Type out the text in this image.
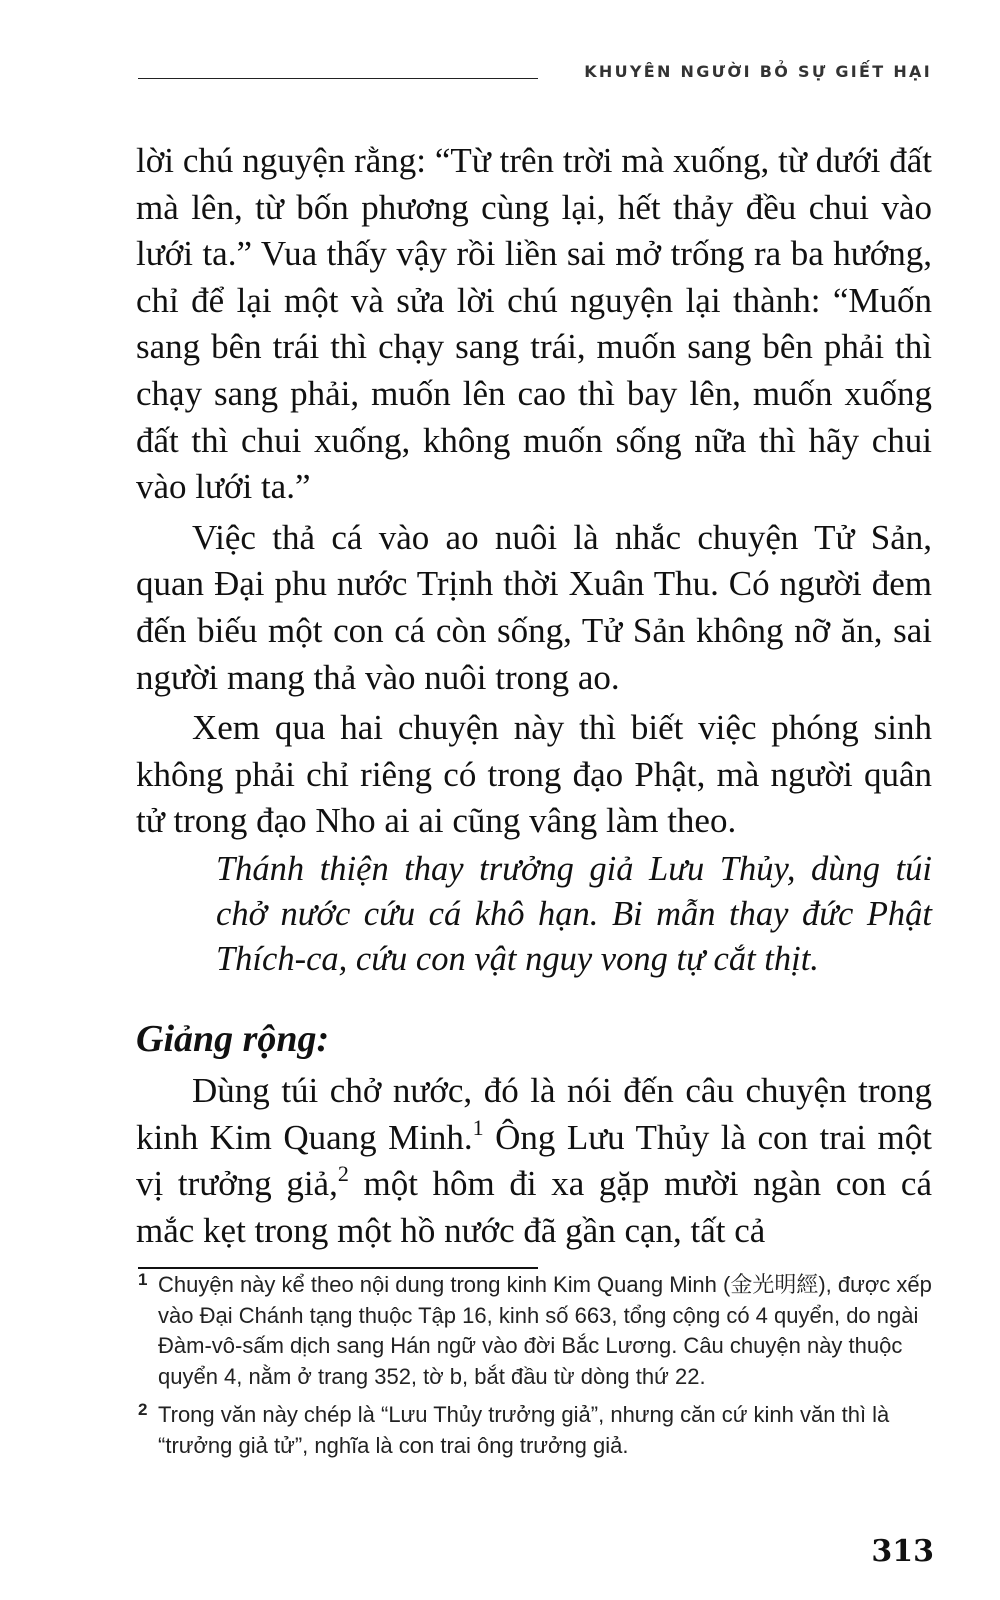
KHUYÊN NGƯỜI BỎ SỰ GIẾT HẠI

lời chú nguyện rằng: “Từ trên trời mà xuống, từ dưới đất mà lên, từ bốn phương cùng lại, hết thảy đều chui vào lưới ta.” Vua thấy vậy rồi liền sai mở trống ra ba hướng, chỉ để lại một và sửa lời chú nguyện lại thành: “Muốn sang bên trái thì chạy sang trái, muốn sang bên phải thì chạy sang phải, muốn lên cao thì bay lên, muốn xuống đất thì chui xuống, không muốn sống nữa thì hãy chui vào lưới ta.”

Việc thả cá vào ao nuôi là nhắc chuyện Tử Sản, quan Đại phu nước Trịnh thời Xuân Thu. Có người đem đến biếu một con cá còn sống, Tử Sản không nỡ ăn, sai người mang thả vào nuôi trong ao.

Xem qua hai chuyện này thì biết việc phóng sinh không phải chỉ riêng có trong đạo Phật, mà người quân tử trong đạo Nho ai ai cũng vâng làm theo.

Thánh thiện thay trưởng giả Lưu Thủy, dùng túi chở nước cứu cá khô hạn. Bi mẫn thay đức Phật Thích-ca, cứu con vật nguy vong tự cắt thịt.

Giảng rộng:

Dùng túi chở nước, đó là nói đến câu chuyện trong kinh Kim Quang Minh.$^1$ Ông Lưu Thủy là con trai một vị trưởng giả,$^2$ một hôm đi xa gặp mười ngàn con cá mắc kẹt trong một hồ nước đã gần cạn, tất cả

1 Chuyện này kể theo nội dung trong kinh Kim Quang Minh (金光明經), được xếp vào Đại Chánh tạng thuộc Tập 16, kinh số 663, tổng cộng có 4 quyển, do ngài Đàm-vô-sấm dịch sang Hán ngữ vào đời Bắc Lương. Câu chuyện này thuộc quyển 4, nằm ở trang 352, tờ b, bắt đầu từ dòng thứ 22.

2 Trong văn này chép là “Lưu Thủy trưởng giả”, nhưng căn cứ kinh văn thì là “trưởng giả tử”, nghĩa là con trai ông trưởng giả.

313
